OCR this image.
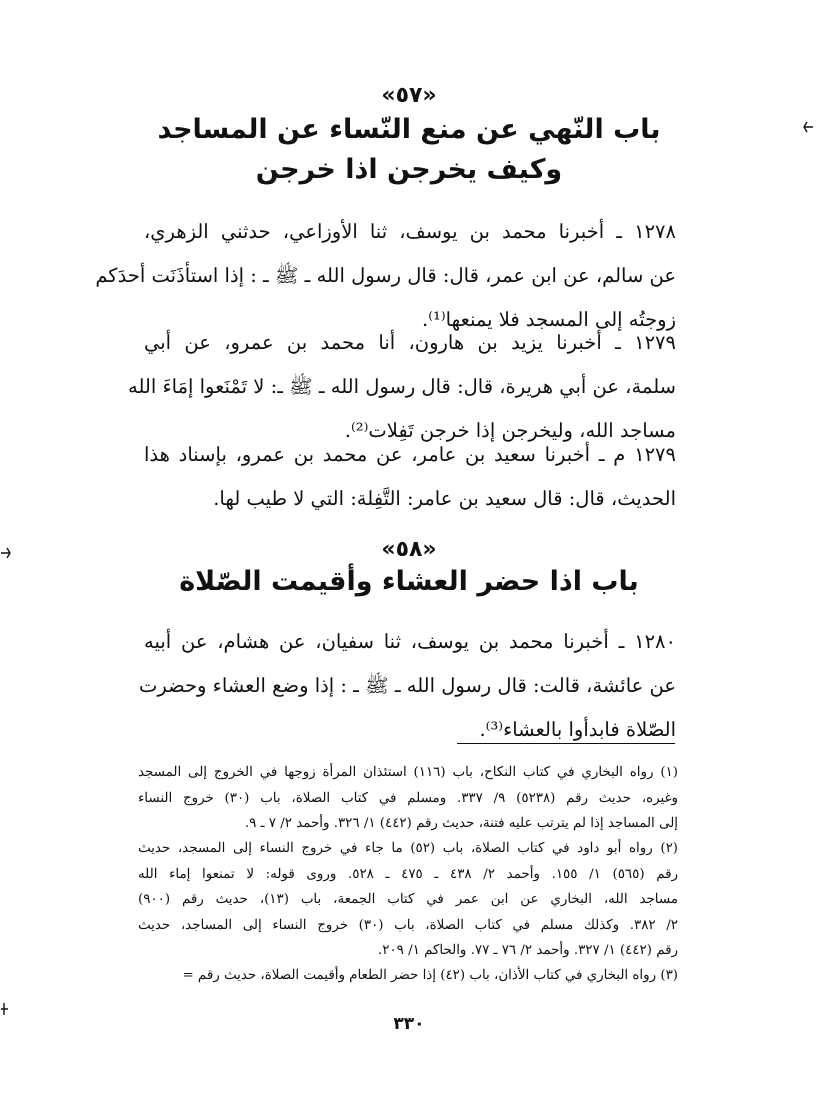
«٥٧»
باب النّهي عن منع النّساء عن المساجد
وكيف يخرجن اذا خرجن
١٢٧٨ ـ أخبرنا محمد بن يوسف، ثنا الأوزاعي، حدثني الزهري،
عن سالم، عن ابن عمر، قال: قال رسول الله ـ ﷺ ـ : إذا استأذَنَت أحدَكم
زوجتُه إلى المسجد فلا يمنعها⁽¹⁾.
١٢٧٩ ـ أخبرنا يزيد بن هارون، أنا محمد بن عمرو، عن أبي
سلمة، عن أبي هريرة، قال: قال رسول الله ـ ﷺ ـ: لا تَمْنَعوا إمَاءَ الله
مساجد الله، وليخرجن إذا خرجن تَفِلات⁽²⁾.
١٢٧٩ م ـ أخبرنا سعيد بن عامر، عن محمد بن عمرو، بإسناد هذا
الحديث، قال: قال سعيد بن عامر: التَّفِلة: التي لا طيب لها.
«٥٨»
باب اذا حضر العشاء وأقيمت الصّلاة
١٢٨٠ ـ أخبرنا محمد بن يوسف، ثنا سفيان، عن هشام، عن أبيه
عن عائشة، قالت: قال رسول الله ـ ﷺ ـ : إذا وضع العشاء وحضرت
الصّلاة فابدأوا بالعشاء⁽³⁾.
(١) رواه البخاري في كتاب النكاح، باب (١١٦) استئذان المرأة زوجها في الخروج إلى المسجد
وغيره، حديث رقم (٥٢٣٨) ٩/ ٣٣٧. ومسلم في كتاب الصلاة، باب (٣٠) خروج النساء
إلى المساجد إذا لم يترتب عليه فتنة، حديث رقم (٤٤٢) ١/ ٣٢٦. وأحمد ٢/ ٧ ـ ٩.
(٢) رواه أبو داود في كتاب الصلاة، باب (٥٢) ما جاء في خروج النساء إلى المسجد، حديث
رقم (٥٦٥) ١/ ١٥٥. وأحمد ٢/ ٤٣٨ ـ ٤٧٥ ـ ٥٢٨. وروى قوله: لا تمنعوا إماء الله
مساجد الله، البخاري عن ابن عمر في كتاب الجمعة، باب (١٣)، حديث رقم (٩٠٠)
٢/ ٣٨٢. وكذلك مسلم في كتاب الصلاة، باب (٣٠) خروج النساء إلى المساجد، حديث
رقم (٤٤٢) ١/ ٣٢٧. وأحمد ٢/ ٧٦ ـ ٧٧. والحاكم ١/ ٢٠٩.
(٣) رواه البخاري في كتاب الأذان، باب (٤٢) إذا حضر الطعام وأقيمت الصلاة، حديث رقم =
٣٣٠
